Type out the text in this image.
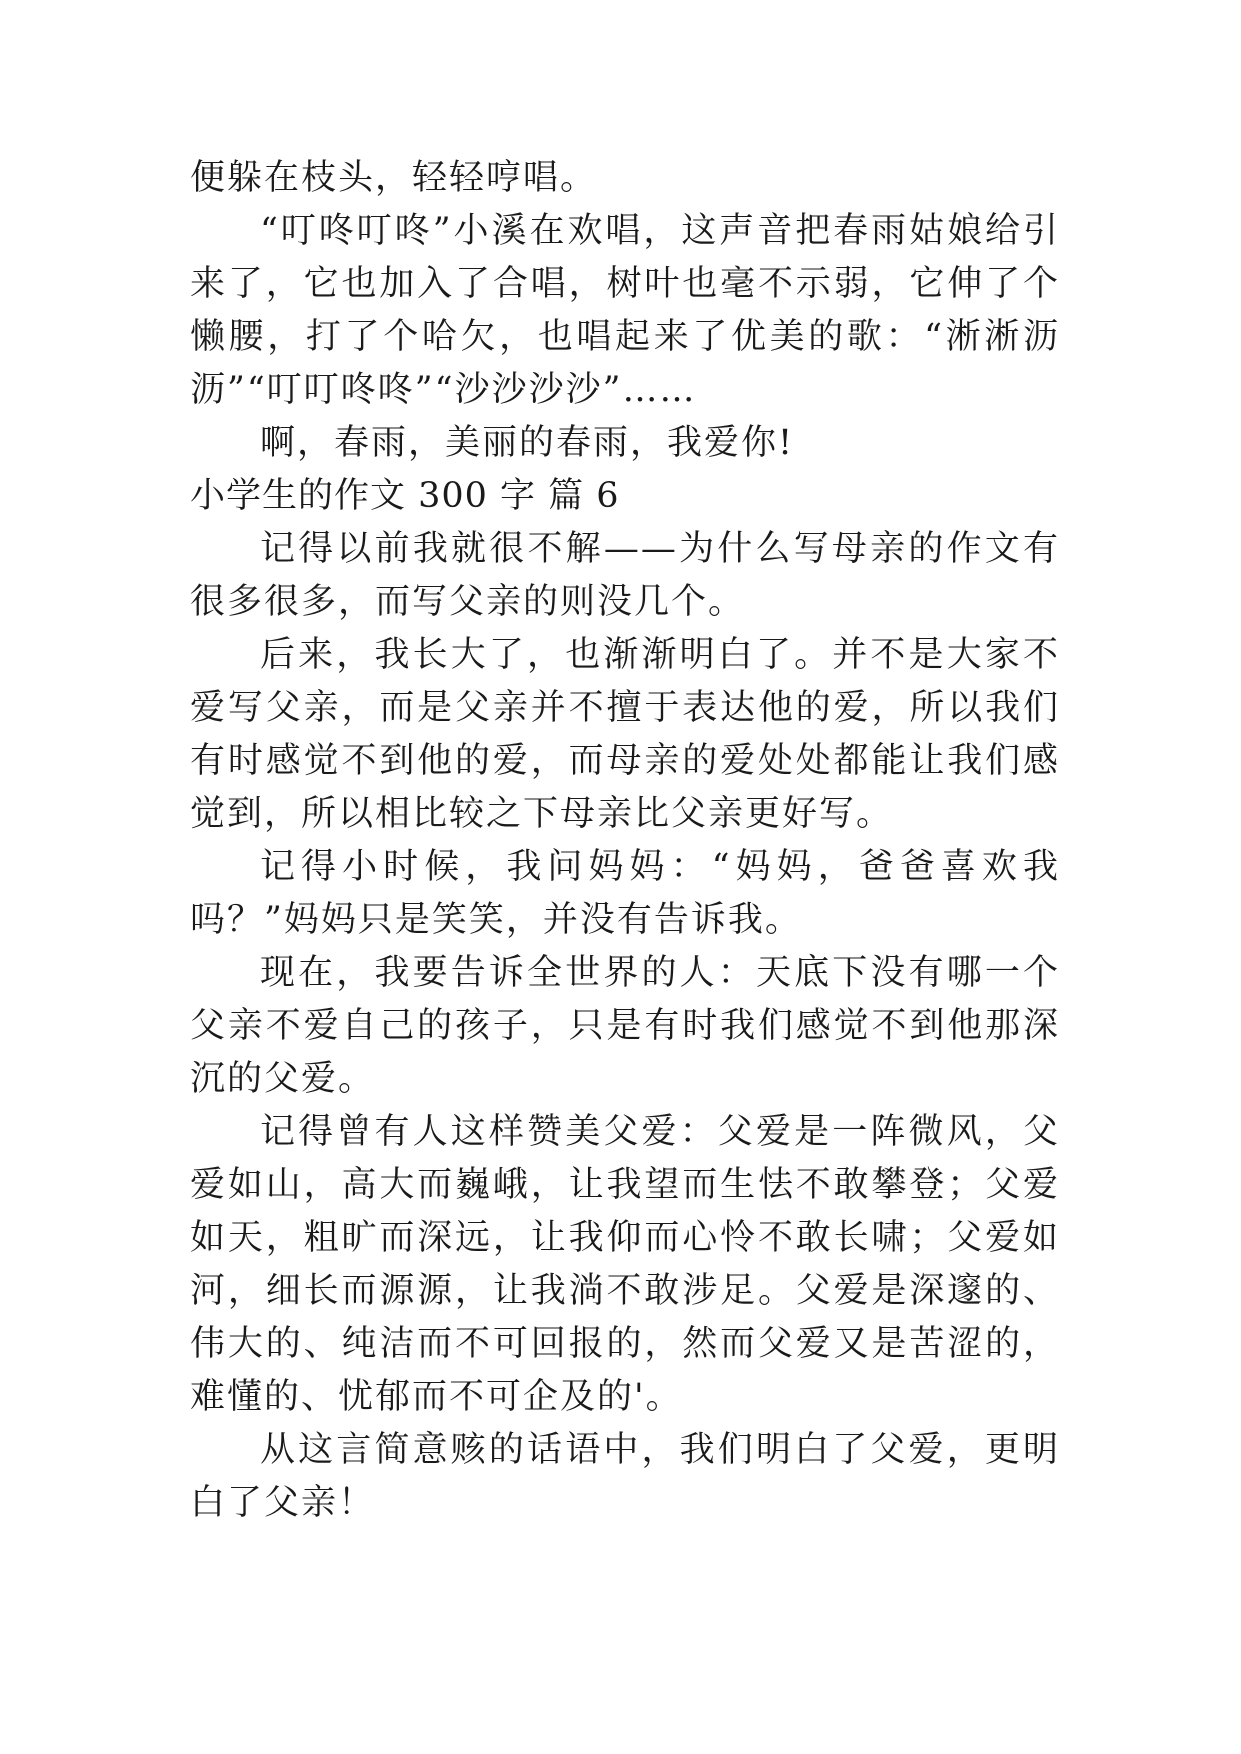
便躲在枝头，轻轻哼唱。

“叮咚叮咚”小溪在欢唱，这声音把春雨姑娘给引来了，它也加入了合唱，树叶也毫不示弱，它伸了个懒腰，打了个哈欠，也唱起来了优美的歌：“淅淅沥沥”“叮叮咚咚”“沙沙沙沙”……

啊，春雨，美丽的春雨，我爱你!

小学生的作文 300 字 篇 6

记得以前我就很不解——为什么写母亲的作文有很多很多，而写父亲的则没几个。

后来，我长大了，也渐渐明白了。并不是大家不爱写父亲，而是父亲并不擅于表达他的爱，所以我们有时感觉不到他的爱，而母亲的爱处处都能让我们感觉到，所以相比较之下母亲比父亲更好写。

记得小时候，我问妈妈：“妈妈，爸爸喜欢我吗？”妈妈只是笑笑，并没有告诉我。

现在，我要告诉全世界的人：天底下没有哪一个父亲不爱自己的孩子，只是有时我们感觉不到他那深沉的父爱。

记得曾有人这样赞美父爱：父爱是一阵微风，父爱如山，高大而巍峨，让我望而生怯不敢攀登；父爱如天，粗旷而深远，让我仰而心怜不敢长啸；父爱如河，细长而源源，让我淌不敢涉足。父爱是深邃的、伟大的、纯洁而不可回报的，然而父爱又是苦涩的，难懂的、忧郁而不可企及的'。

从这言简意赅的话语中，我们明白了父爱，更明白了父亲！
